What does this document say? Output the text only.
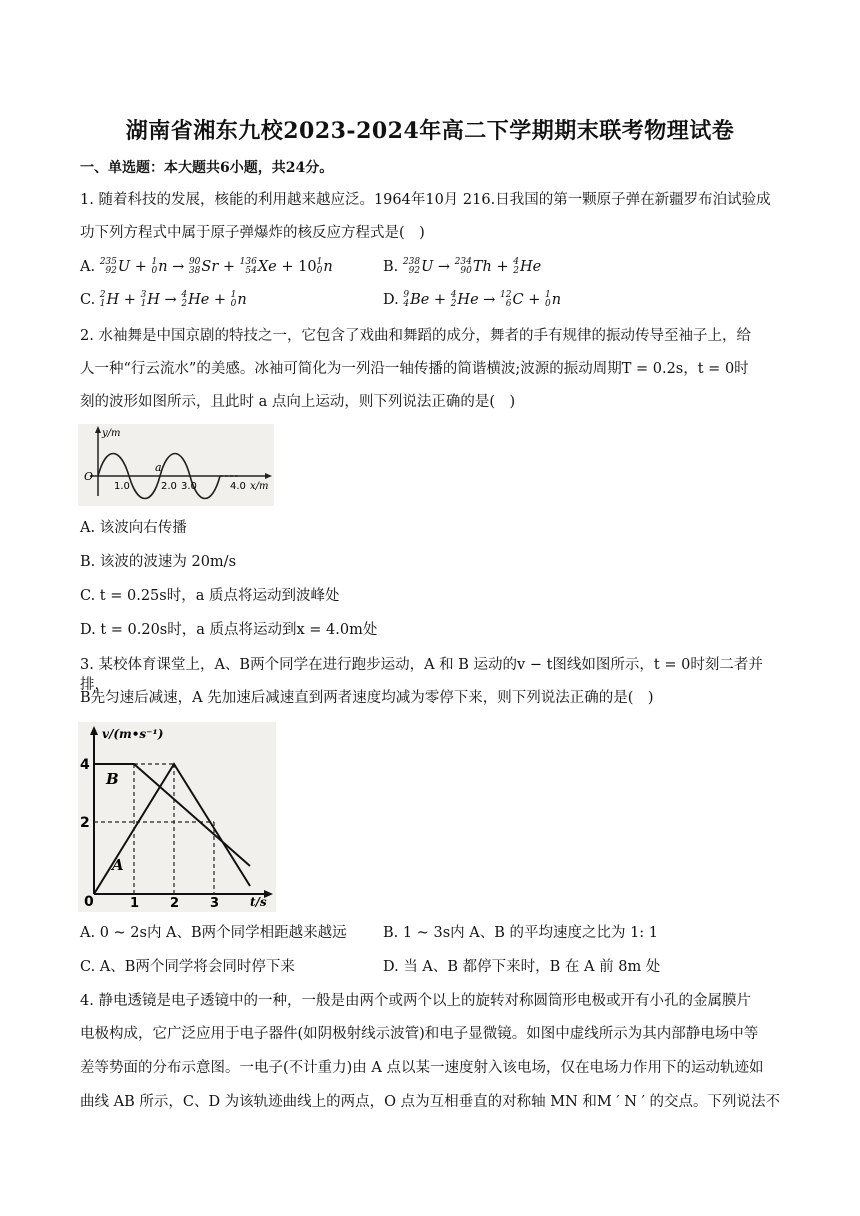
湖南省湘东九校2023-2024年高二下学期期末联考物理试卷
一、单选题：本大题共6小题，共24分。
1. 随着科技的发展，核能的利用越来越应泛。1964年10月 216.日我国的第一颗原子弹在新疆罗布泊试验成
功下列方程式中属于原子弹爆炸的核反应方程式是(　)
A. 235
92 U + 1
0 n → 90
38 Sr + 136
54 Xe + 10 1
0 n	B. 238
92 U → 234
90 Th + 4
2 He
C. 2
1 H + 3
1 H → 4
2 He + 1
0 n	D. 9
4 Be + 4
2 He → 12
6 C + 1
0 n
2. 水袖舞是中国京剧的特技之一，它包含了戏曲和舞蹈的成分，舞者的手有规律的振动传导至袖子上，给
人一种“行云流水”的美感。冰袖可简化为一列沿一轴传播的简谐横波;波源的振动周期T = 0.2s，t = 0时
刻的波形如图所示，且此时 a 点向上运动，则下列说法正确的是(　)
y/m
O
a
1.0	2.0 3.0	4.0 x/m
A. 该波向右传播
B. 该波的波速为 20m/s
C. t = 0.25s时，a 质点将运动到波峰处
D. t = 0.20s时，a 质点将运动到x = 4.0m处
3. 某校体育课堂上，A、B两个同学在进行跑步运动，A 和 B 运动的v − t图线如图所示，t = 0时刻二者并排，
B先匀速后减速，A 先加速后减速直到两者速度均减为零停下来，则下列说法正确的是(　)
v/(m•s⁻¹)
4
2
0	1 2 3	t/s
B
A
A. 0 ~ 2s内 A、B两个同学相距越来越远	B. 1 ~ 3s内 A、B 的平均速度之比为 1: 1
C. A、B两个同学将会同时停下来	D. 当 A、B 都停下来时，B 在 A 前 8m 处
4. 静电透镜是电子透镜中的一种，一般是由两个或两个以上的旋转对称圆筒形电极或开有小孔的金属膜片
电极构成，它广泛应用于电子器件(如阴极射线示波管)和电子显微镜。如图中虚线所示为其内部静电场中等
差等势面的分布示意图。一电子(不计重力)由 A 点以某一速度射入该电场，仅在电场力作用下的运动轨迹如
曲线 AB 所示，C、D 为该轨迹曲线上的两点，O 点为互相垂直的对称轴 MN 和M ′ N ′ 的交点。下列说法不
